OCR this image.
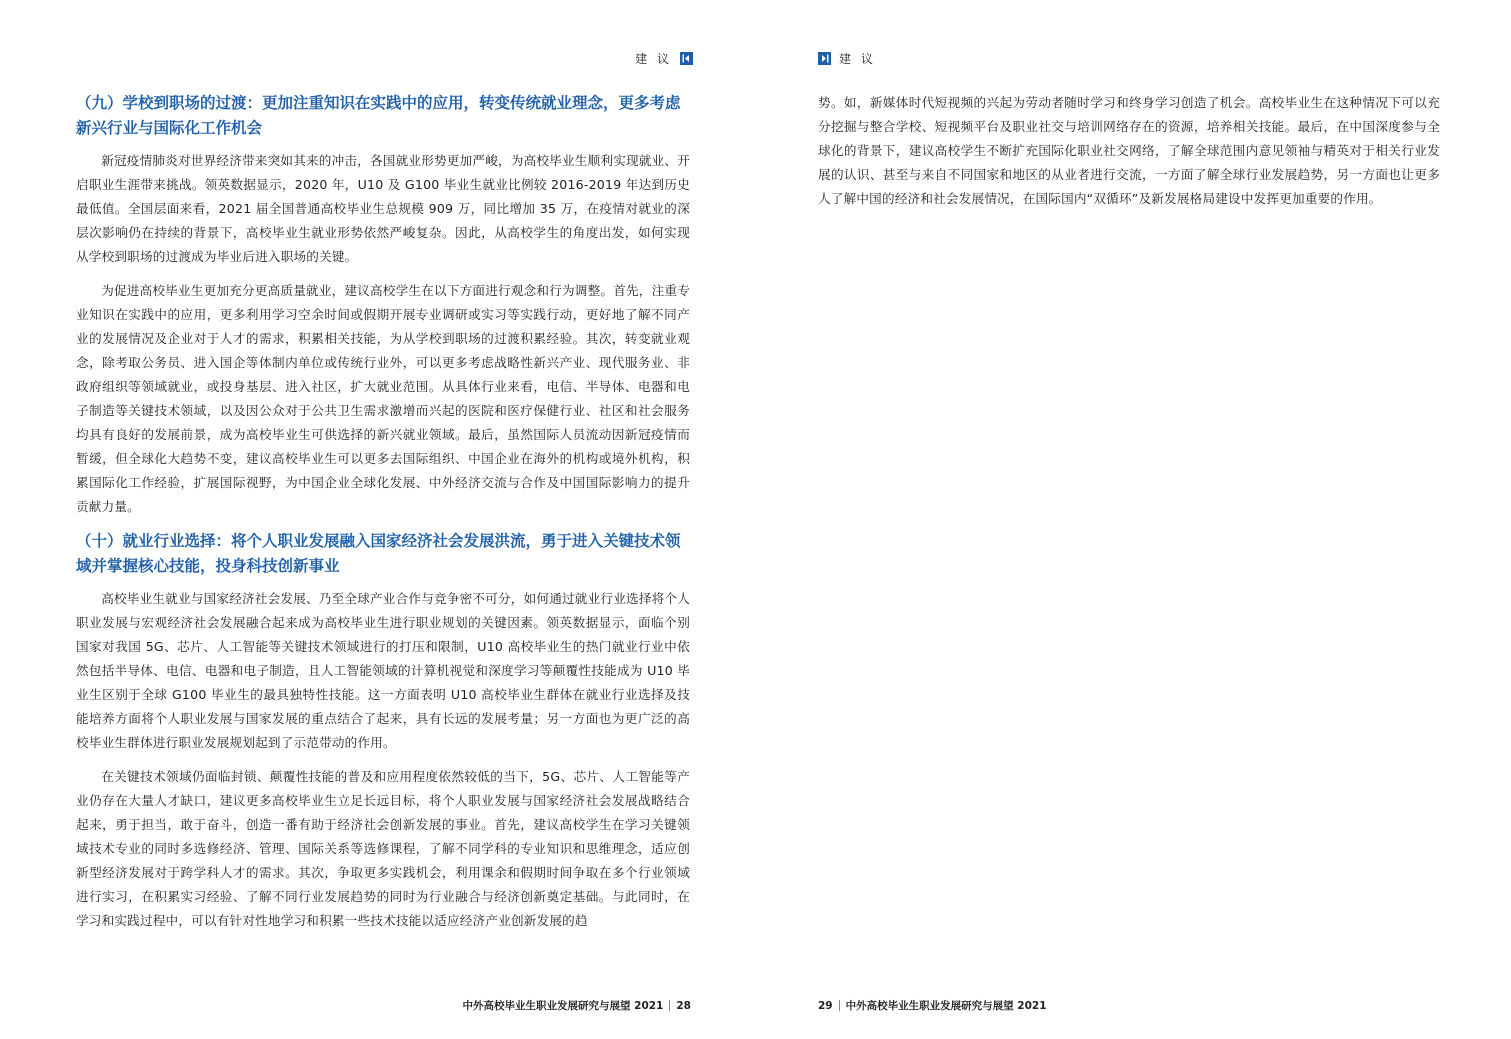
建 议
（九）学校到职场的过渡：更加注重知识在实践中的应用，转变传统就业理念，更多考虑新兴行业与国际化工作机会

新冠疫情肺炎对世界经济带来突如其来的冲击，各国就业形势更加严峻，为高校毕业生顺利实现就业、开启职业生涯带来挑战。领英数据显示，2020 年，U10 及 G100 毕业生就业比例较 2016-2019 年达到历史最低值。全国层面来看，2021 届全国普通高校毕业生总规模 909 万，同比增加 35 万，在疫情对就业的深层次影响仍在持续的背景下，高校毕业生就业形势依然严峻复杂。因此，从高校学生的角度出发，如何实现从学校到职场的过渡成为毕业后进入职场的关键。

为促进高校毕业生更加充分更高质量就业，建议高校学生在以下方面进行观念和行为调整。首先，注重专业知识在实践中的应用，更多利用学习空余时间或假期开展专业调研或实习等实践行动，更好地了解不同产业的发展情况及企业对于人才的需求，积累相关技能，为从学校到职场的过渡积累经验。其次，转变就业观念，除考取公务员、进入国企等体制内单位或传统行业外，可以更多考虑战略性新兴产业、现代服务业、非政府组织等领域就业，或投身基层、进入社区，扩大就业范围。从具体行业来看，电信、半导体、电器和电子制造等关键技术领域，以及因公众对于公共卫生需求激增而兴起的医院和医疗保健行业、社区和社会服务均具有良好的发展前景，成为高校毕业生可供选择的新兴就业领域。最后，虽然国际人员流动因新冠疫情而暂缓，但全球化大趋势不变，建议高校毕业生可以更多去国际组织、中国企业在海外的机构或境外机构，积累国际化工作经验，扩展国际视野，为中国企业全球化发展、中外经济交流与合作及中国国际影响力的提升贡献力量。

（十）就业行业选择：将个人职业发展融入国家经济社会发展洪流，勇于进入关键技术领域并掌握核心技能，投身科技创新事业

高校毕业生就业与国家经济社会发展、乃至全球产业合作与竞争密不可分，如何通过就业行业选择将个人职业发展与宏观经济社会发展融合起来成为高校毕业生进行职业规划的关键因素。领英数据显示，面临个别国家对我国 5G、芯片、人工智能等关键技术领域进行的打压和限制，U10 高校毕业生的热门就业行业中依然包括半导体、电信、电器和电子制造，且人工智能领域的计算机视觉和深度学习等颠覆性技能成为 U10 毕业生区别于全球 G100 毕业生的最具独特性技能。这一方面表明 U10 高校毕业生群体在就业行业选择及技能培养方面将个人职业发展与国家发展的重点结合了起来，具有长远的发展考量；另一方面也为更广泛的高校毕业生群体进行职业发展规划起到了示范带动的作用。

在关键技术领域仍面临封锁、颠覆性技能的普及和应用程度依然较低的当下，5G、芯片、人工智能等产业仍存在大量人才缺口，建议更多高校毕业生立足长远目标，将个人职业发展与国家经济社会发展战略结合起来，勇于担当，敢于奋斗，创造一番有助于经济社会创新发展的事业。首先，建议高校学生在学习关键领域技术专业的同时多选修经济、管理、国际关系等选修课程，了解不同学科的专业知识和思维理念，适应创新型经济发展对于跨学科人才的需求。其次，争取更多实践机会，利用课余和假期时间争取在多个行业领域进行实习，在积累实习经验、了解不同行业发展趋势的同时为行业融合与经济创新奠定基础。与此同时，在学习和实践过程中，可以有针对性地学习和积累一些技术技能以适应经济产业创新发展的趋

中外高校毕业生职业发展研究与展望 2021 28
建 议

势。如，新媒体时代短视频的兴起为劳动者随时学习和终身学习创造了机会。高校毕业生在这种情况下可以充分挖掘与整合学校、短视频平台及职业社交与培训网络存在的资源，培养相关技能。最后，在中国深度参与全球化的背景下，建议高校学生不断扩充国际化职业社交网络，了解全球范围内意见领袖与精英对于相关行业发展的认识、甚至与来自不同国家和地区的从业者进行交流，一方面了解全球行业发展趋势，另一方面也让更多人了解中国的经济和社会发展情况，在国际国内“双循环”及新发展格局建设中发挥更加重要的作用。

29 中外高校毕业生职业发展研究与展望 2021
